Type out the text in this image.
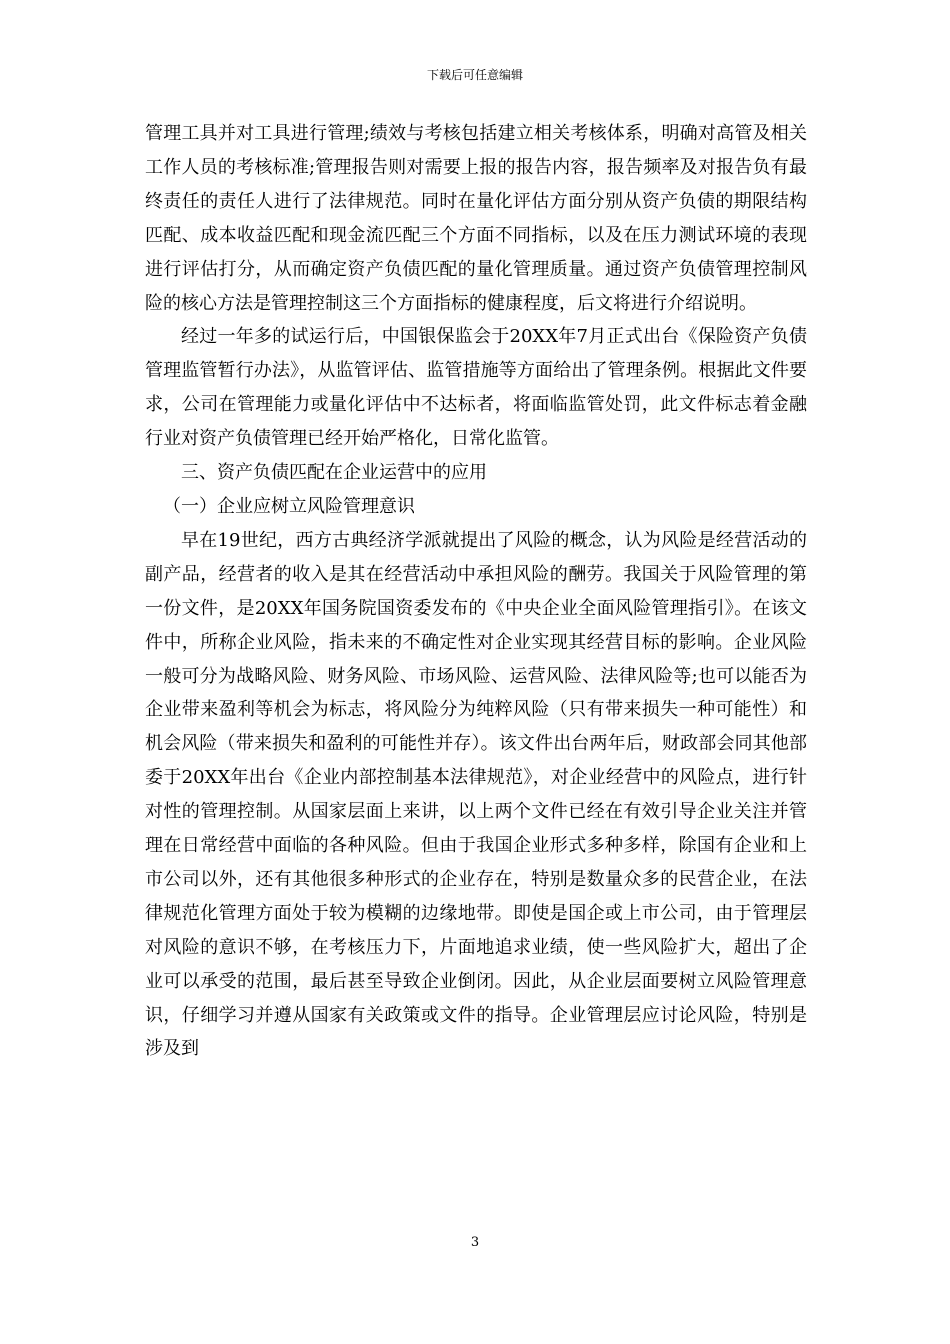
下载后可任意编辑

管理工具并对工具进行管理;绩效与考核包括建立相关考核体系，明确对高管及相关工作人员的考核标准;管理报告则对需要上报的报告内容，报告频率及对报告负有最终责任的责任人进行了法律规范。同时在量化评估方面分别从资产负债的期限结构匹配、成本收益匹配和现金流匹配三个方面不同指标，以及在压力测试环境的表现进行评估打分，从而确定资产负债匹配的量化管理质量。通过资产负债管理控制风险的核心方法是管理控制这三个方面指标的健康程度，后文将进行介绍说明。

经过一年多的试运行后，中国银保监会于20XX年7月正式出台《保险资产负债管理监管暂行办法》，从监管评估、监管措施等方面给出了管理条例。根据此文件要求，公司在管理能力或量化评估中不达标者，将面临监管处罚，此文件标志着金融行业对资产负债管理已经开始严格化，日常化监管。

三、资产负债匹配在企业运营中的应用

（一）企业应树立风险管理意识

早在19世纪，西方古典经济学派就提出了风险的概念，认为风险是经营活动的副产品，经营者的收入是其在经营活动中承担风险的酬劳。我国关于风险管理的第一份文件，是20XX年国务院国资委发布的《中央企业全面风险管理指引》。在该文件中，所称企业风险，指未来的不确定性对企业实现其经营目标的影响。企业风险一般可分为战略风险、财务风险、市场风险、运营风险、法律风险等;也可以能否为企业带来盈利等机会为标志，将风险分为纯粹风险（只有带来损失一种可能性）和机会风险（带来损失和盈利的可能性并存）。该文件出台两年后，财政部会同其他部委于20XX年出台《企业内部控制基本法律规范》，对企业经营中的风险点，进行针对性的管理控制。从国家层面上来讲，以上两个文件已经在有效引导企业关注并管理在日常经营中面临的各种风险。但由于我国企业形式多种多样，除国有企业和上市公司以外，还有其他很多种形式的企业存在，特别是数量众多的民营企业，在法律规范化管理方面处于较为模糊的边缘地带。即使是国企或上市公司，由于管理层对风险的意识不够，在考核压力下，片面地追求业绩，使一些风险扩大，超出了企业可以承受的范围，最后甚至导致企业倒闭。因此，从企业层面要树立风险管理意识，仔细学习并遵从国家有关政策或文件的指导。企业管理层应讨论风险，特别是涉及到

3
